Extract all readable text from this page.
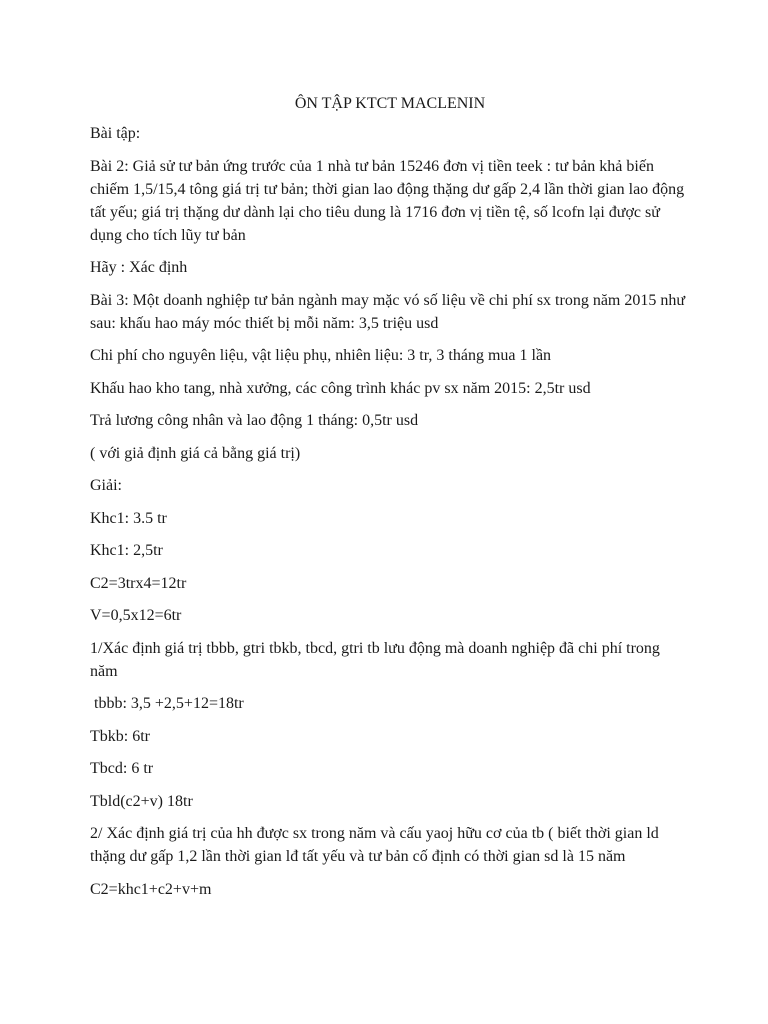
ÔN TẬP KTCT MACLENIN

Bài tập:

Bài 2: Giả sử tư bản ứng trước của 1 nhà tư bản 15246 đơn vị tiền teek : tư bản khả biến chiếm 1,5/15,4 tông giá trị tư bản; thời gian lao động thặng dư gấp 2,4 lần thời gian lao động tất yếu; giá trị thặng dư dành lại cho tiêu dung là 1716 đơn vị tiền tệ, số lcofn lại được sử dụng cho tích lũy tư bản

Hãy : Xác định

Bài 3: Một doanh nghiệp tư bản ngành may mặc vó số liệu về chi phí sx trong năm 2015 như sau: khấu hao máy móc thiết bị mỗi năm: 3,5 triệu usd

Chi phí cho nguyên liệu, vật liệu phụ, nhiên liệu: 3 tr, 3 tháng mua 1 lần

Khấu hao kho tang, nhà xưởng, các công trình khác pv sx năm 2015: 2,5tr usd

Trả lương công nhân và lao động 1 tháng: 0,5tr usd

( với giả định giá cả bằng giá trị)

Giải:

Khc1: 3.5 tr

Khc1: 2,5tr

C2=3trx4=12tr

V=0,5x12=6tr

1/Xác định giá trị tbbb, gtri tbkb, tbcd, gtri tb lưu động mà doanh nghiệp đã chi phí trong năm

tbbb: 3,5 +2,5+12=18tr

Tbkb: 6tr

Tbcd: 6 tr

Tbld(c2+v) 18tr

2/ Xác định giá trị của hh được sx trong năm và cấu yaoj hữu cơ của tb ( biết thời gian ld thặng dư gấp 1,2 lần thời gian lđ tất yếu và tư bản cố định có thời gian sd là 15 năm

C2=khc1+c2+v+m
